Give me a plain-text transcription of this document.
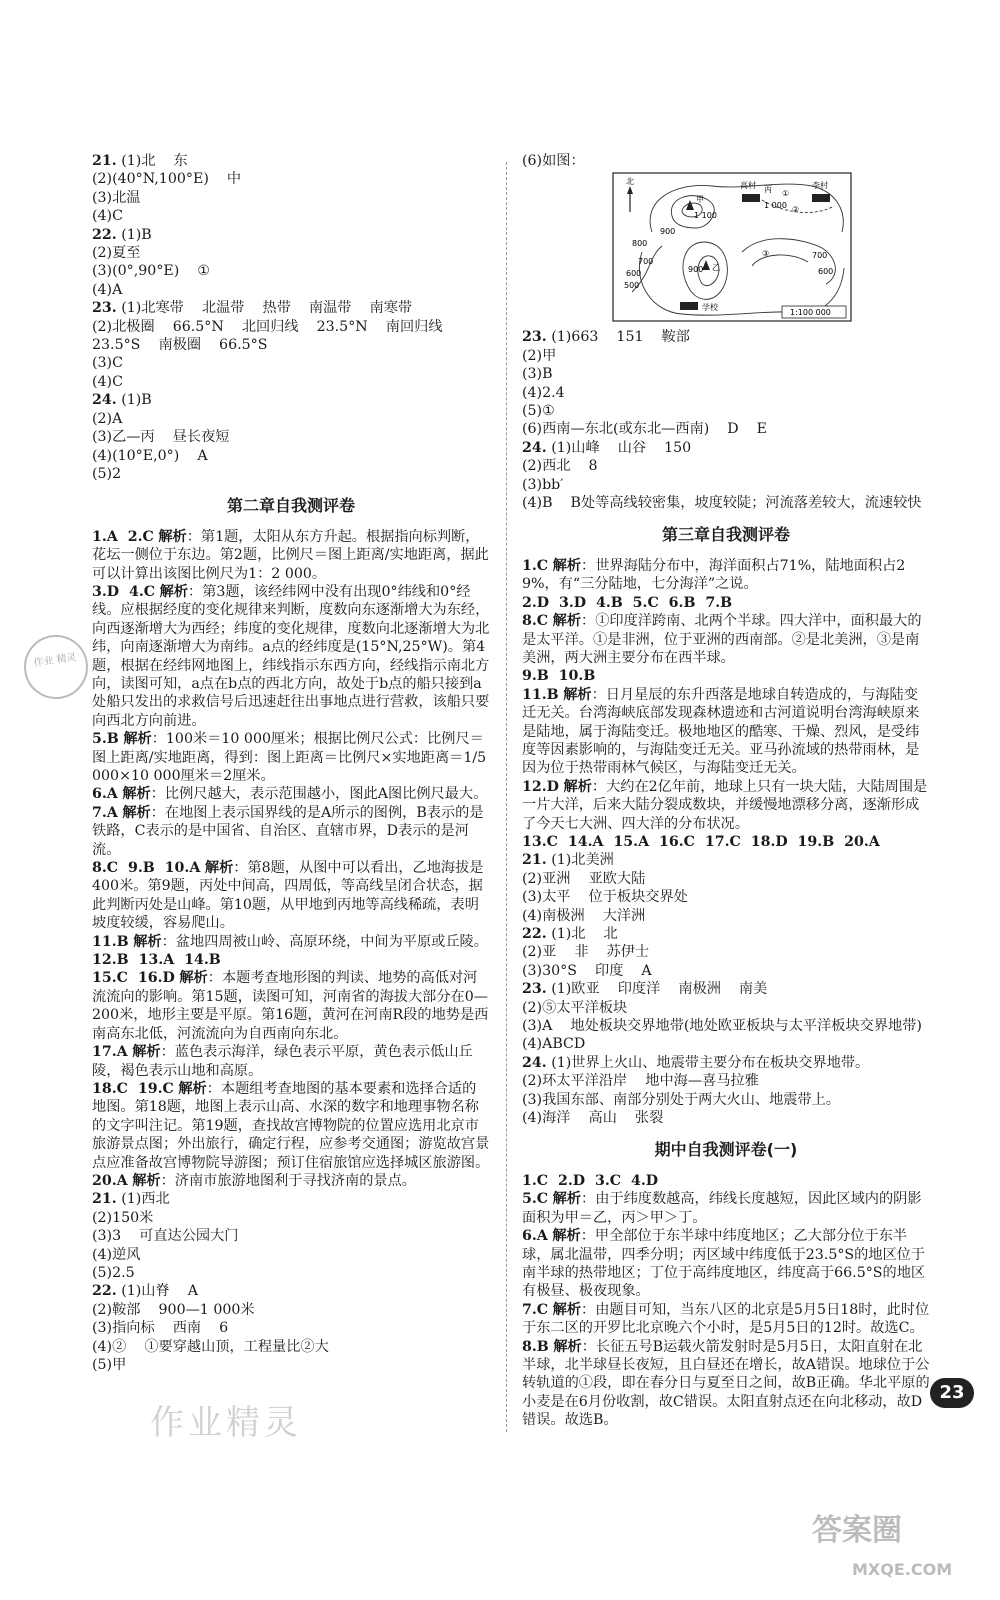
21. (1)北    东
(2)(40°N,100°E)    中
(3)北温
(4)C
22. (1)B
(2)夏至
(3)(0°,90°E)    ①
(4)A
23. (1)北寒带    北温带    热带    南温带    南寒带
(2)北极圈    66.5°N    北回归线    23.5°N    南回归线
23.5°S    南极圈    66.5°S
(3)C
(4)C
24. (1)B
(2)A
(3)乙—丙    昼长夜短
(4)(10°E,0°)    A
(5)2
第二章自我测评卷
1.A  2.C 解析：第1题，太阳从东方升起。根据指向标判断，花坛一侧位于东边。第2题，比例尺＝图上距离/实地距离，据此可以计算出该图比例尺为1：2 000。
3.D  4.C 解析：第3题，该经纬网中没有出现0°纬线和0°经线。应根据经度的变化规律来判断，度数向东逐渐增大为东经，向西逐渐增大为西经；纬度的变化规律，度数向北逐渐增大为北纬，向南逐渐增大为南纬。a点的经纬度是(15°N,25°W)。第4题，根据在经纬网地图上，纬线指示东西方向，经线指示南北方向，读图可知，a点在b点的西北方向，故处于b点的船只接到a处船只发出的求救信号后迅速赶往出事地点进行营救，该船只要向西北方向前进。
5.B 解析：100米＝10 000厘米；根据比例尺公式：比例尺＝图上距离/实地距离，得到：图上距离＝比例尺×实地距离＝1/5 000×10 000厘米＝2厘米。
6.A 解析：比例尺越大，表示范围越小，图此A图比例尺最大。
7.A 解析：在地图上表示国界线的是A所示的图例，B表示的是铁路，C表示的是中国省、自治区、直辖市界，D表示的是河流。
8.C  9.B  10.A 解析：第8题，从图中可以看出，乙地海拔是400米。第9题，丙处中间高，四周低，等高线呈闭合状态，据此判断丙处是山峰。第10题，从甲地到丙地等高线稀疏，表明坡度较缓，容易爬山。
11.B 解析：盆地四周被山岭、高原环绕，中间为平原或丘陵。
12.B  13.A  14.B
15.C  16.D 解析：本题考查地形图的判读、地势的高低对河流流向的影响。第15题，读图可知，河南省的海拔大部分在0—200米，地形主要是平原。第16题，黄河在河南R段的地势是西南高东北低，河流流向为自西南向东北。
17.A 解析：蓝色表示海洋，绿色表示平原，黄色表示低山丘陵，褐色表示山地和高原。
18.C  19.C 解析：本题组考查地图的基本要素和选择合适的地图。第18题，地图上表示山高、水深的数字和地理事物名称的文字叫注记。第19题，查找故宫博物院的位置应选用北京市旅游景点图；外出旅行，确定行程，应参考交通图；游览故宫景点应准备故宫博物院导游图；预订住宿旅馆应选择城区旅游图。
20.A 解析：济南市旅游地图利于寻找济南的景点。
21. (1)西北
(2)150米
(3)3    可直达公园大门
(4)逆风
(5)2.5
22. (1)山脊    A
(2)鞍部    900—1 000米
(3)指向标    西南    6
(4)②    ①要穿越山顶，工程量比②大
(5)甲
(6)如图：
北
甲
乙
高村 丙	李村
学校
1 100
1 000
900
800
700
600
500
700
600
900
①
②
③
1:100 000
23. (1)663    151    鞍部
(2)甲
(3)B
(4)2.4
(5)①
(6)西南—东北(或东北—西南)    D    E
24. (1)山峰    山谷    150
(2)西北    8
(3)bb′
(4)B    B处等高线较密集，坡度较陡；河流落差较大，流速较快
第三章自我测评卷
1.C 解析：世界海陆分布中，海洋面积占71%，陆地面积占29%，有“三分陆地，七分海洋”之说。
2.D  3.D  4.B  5.C  6.B  7.B
8.C 解析：①印度洋跨南、北两个半球。四大洋中，面积最大的是太平洋。①是非洲，位于亚洲的西南部。②是北美洲，③是南美洲，两大洲主要分布在西半球。
9.B  10.B
11.B 解析：日月星辰的东升西落是地球自转造成的，与海陆变迁无关。台湾海峡底部发现森林遗迹和古河道说明台湾海峡原来是陆地，属于海陆变迁。极地地区的酷寒、干燥、烈风，是受纬度等因素影响的，与海陆变迁无关。亚马孙流域的热带雨林，是因为位于热带雨林气候区，与海陆变迁无关。
12.D 解析：大约在2亿年前，地球上只有一块大陆，大陆周围是一片大洋，后来大陆分裂成数块，并缓慢地漂移分离，逐渐形成了今天七大洲、四大洋的分布状况。
13.C  14.A  15.A  16.C  17.C  18.D  19.B  20.A
21. (1)北美洲
(2)亚洲    亚欧大陆
(3)太平    位于板块交界处
(4)南极洲    大洋洲
22. (1)北    北
(2)亚    非    苏伊士
(3)30°S    印度    A
23. (1)欧亚    印度洋    南极洲    南美
(2)⑤太平洋板块
(3)A    地处板块交界地带(地处欧亚板块与太平洋板块交界地带)
(4)ABCD
24. (1)世界上火山、地震带主要分布在板块交界地带。
(2)环太平洋沿岸    地中海—喜马拉雅
(3)我国东部、南部分别处于两大火山、地震带上。
(4)海洋    高山    张裂
期中自我测评卷(一)
1.C  2.D  3.C  4.D
5.C 解析：由于纬度数越高，纬线长度越短，因此区域内的阴影面积为甲＝乙，丙＞甲＞丁。
6.A 解析：甲全部位于东半球中纬度地区；乙大部分位于东半球，属北温带，四季分明；丙区域中纬度低于23.5°S的地区位于南半球的热带地区；丁位于高纬度地区，纬度高于66.5°S的地区有极昼、极夜现象。
7.C 解析：由题目可知，当东八区的北京是5月5日18时，此时位于东二区的开罗比北京晚六个小时，是5月5日的12时。故选C。
8.B 解析：长征五号B运载火箭发射时是5月5日，太阳直射在北半球，北半球昼长夜短，且白昼还在增长，故A错误。地球位于公转轨道的①段，即在春分日与夏至日之间，故B正确。华北平原的小麦是在6月份收割，故C错误。太阳直射点还在向北移动，故D错误。故选B。
作业 精灵
作业精灵
23
答案圈
MXQE.COM
